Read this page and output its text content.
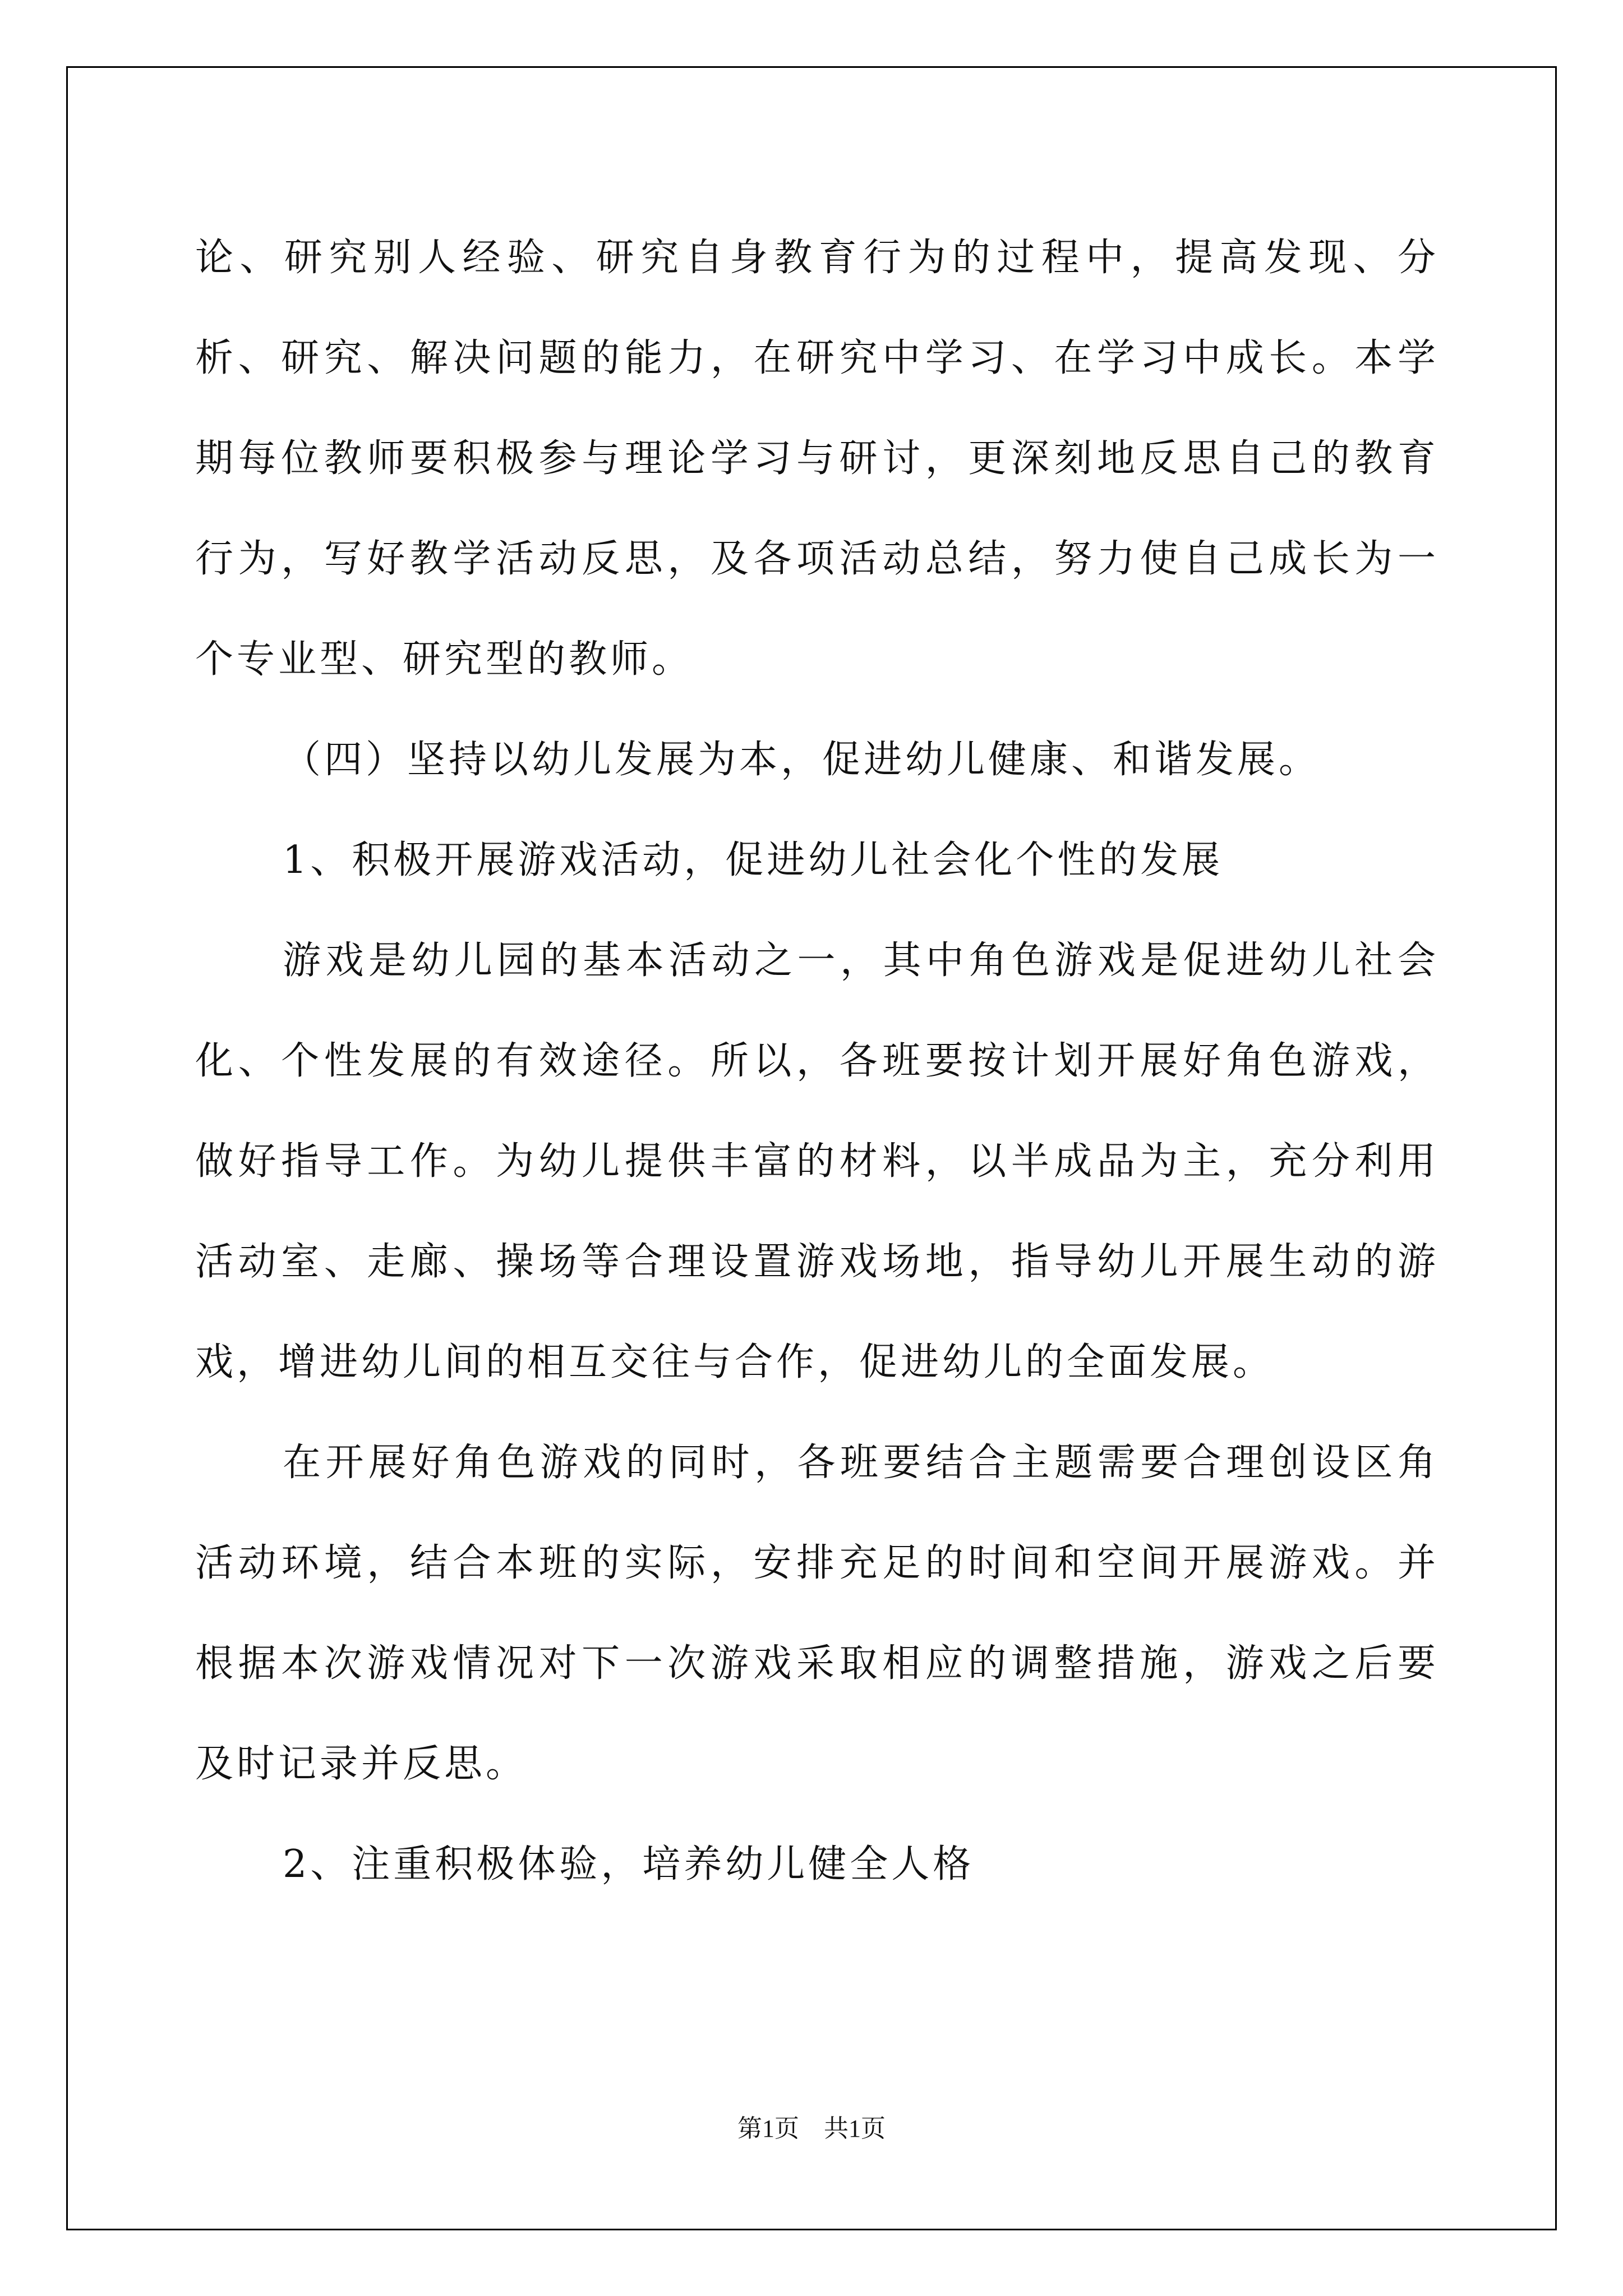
论、研究别人经验、研究自身教育行为的过程中，提高发现、分析、研究、解决问题的能力，在研究中学习、在学习中成长。本学期每位教师要积极参与理论学习与研讨，更深刻地反思自己的教育行为，写好教学活动反思，及各项活动总结，努力使自己成长为一个专业型、研究型的教师。

（四）坚持以幼儿发展为本，促进幼儿健康、和谐发展。

1、积极开展游戏活动，促进幼儿社会化个性的发展

游戏是幼儿园的基本活动之一，其中角色游戏是促进幼儿社会化、个性发展的有效途径。所以，各班要按计划开展好角色游戏，做好指导工作。为幼儿提供丰富的材料，以半成品为主，充分利用活动室、走廊、操场等合理设置游戏场地，指导幼儿开展生动的游戏，增进幼儿间的相互交往与合作，促进幼儿的全面发展。

在开展好角色游戏的同时，各班要结合主题需要合理创设区角活动环境，结合本班的实际，安排充足的时间和空间开展游戏。并根据本次游戏情况对下一次游戏采取相应的调整措施，游戏之后要及时记录并反思。

2、注重积极体验，培养幼儿健全人格

第1页　共1页
